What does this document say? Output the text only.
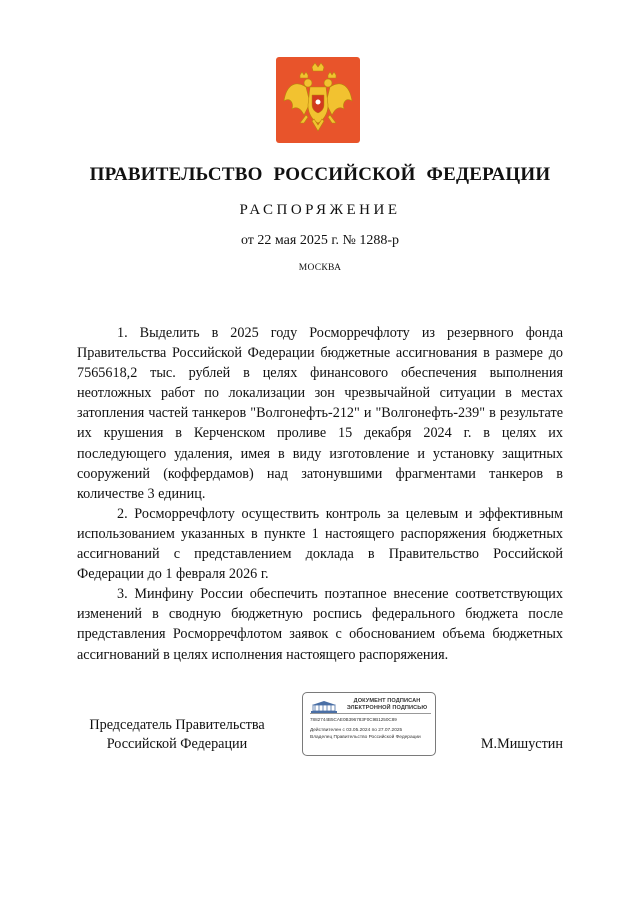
ПРАВИТЕЛЬСТВО РОССИЙСКОЙ ФЕДЕРАЦИИ
РАСПОРЯЖЕНИЕ
от 22 мая 2025 г. № 1288-р
МОСКВА

1. Выделить в 2025 году Росморречфлоту из резервного фонда Правительства Российской Федерации бюджетные ассигнования в размере до 7565618,2 тыс. рублей в целях финансового обеспечения выполнения неотложных работ по локализации зон чрезвычайной ситуации в местах затопления частей танкеров "Волгонефть-212" и "Волгонефть-239" в результате их крушения в Керченском проливе 15 декабря 2024 г. в целях их последующего удаления, имея в виду изготовление и установку защитных сооружений (коффердамов) над затонувшими фрагментами танкеров в количестве 3 единиц.

2. Росморречфлоту осуществить контроль за целевым и эффективным использованием указанных в пункте 1 настоящего распоряжения бюджетных ассигнований с представлением доклада в Правительство Российской Федерации до 1 февраля 2026 г.

3. Минфину России обеспечить поэтапное внесение соответствующих изменений в сводную бюджетную роспись федерального бюджета после представления Росморречфлотом заявок с обоснованием объема бюджетных ассигнований в целях исполнения настоящего распоряжения.

Председатель Правительства
Российской Федерации
ДОКУМЕНТ ПОДПИСАН
ЭЛЕКТРОННОЙ ПОДПИСЬЮ
7882744B5CAE0B396783F0C9B1250C89
Действителен с 03.05.2024 по 27.07.2025
Владелец Правительство Российской Федерации	М.Мишустин
